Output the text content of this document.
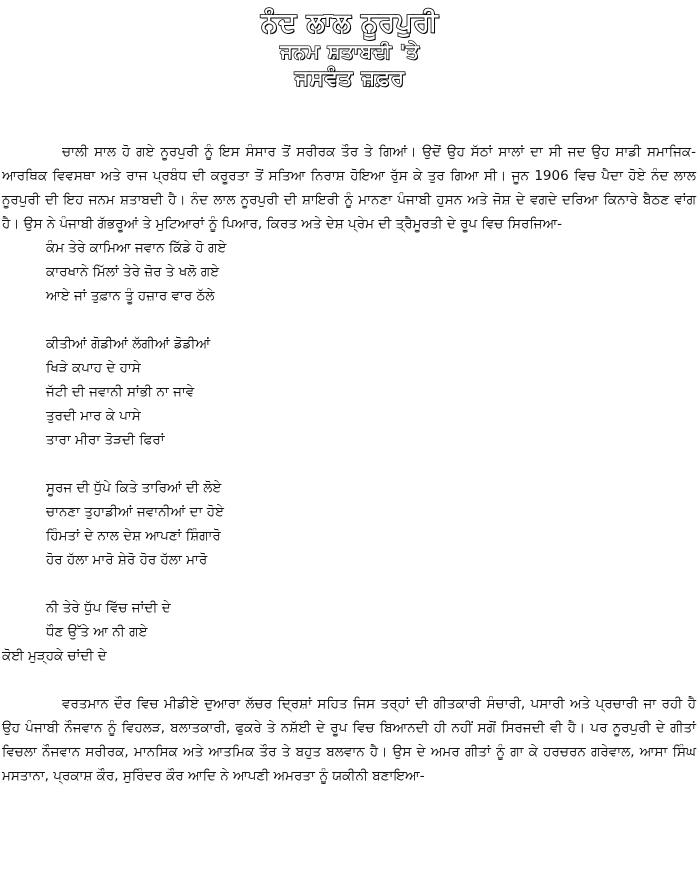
ਨੰਦ ਲਾਲ ਨੂਰਪੁਰੀ
ਜਨਮ ਸ਼ਤਾਬਦੀ 'ਤੇ
ਜਸਵੰਤ ਜ਼ਫ਼ਰ

ਚਾਲੀ ਸਾਲ ਹੋ ਗਏ ਨੂਰਪੁਰੀ ਨੂੰ ਇਸ ਸੰਸਾਰ ਤੋਂ ਸਰੀਰਕ ਤੌਰ ਤੇ ਗਿਆਂ। ਉਦੋਂ ਉਹ ਸੱਠਾਂ ਸਾਲਾਂ ਦਾ ਸੀ ਜਦ ਉਹ ਸਾਡੀ ਸਮਾਜਿਕ-ਆਰਥਿਕ ਵਿਵਸਥਾ ਅਤੇ ਰਾਜ ਪ੍ਰਬੰਧ ਦੀ ਕਰੂਰਤਾ ਤੋਂ ਸਤਿਆ ਨਿਰਾਸ਼ ਹੋਇਆ ਰੁੱਸ ਕੇ ਤੁਰ ਗਿਆ ਸੀ। ਜੂਨ 1906 ਵਿਚ ਪੈਦਾ ਹੋਏ ਨੰਦ ਲਾਲ ਨੂਰਪੁਰੀ ਦੀ ਇਹ ਜਨਮ ਸ਼ਤਾਬਦੀ ਹੈ। ਨੰਦ ਲਾਲ ਨੂਰਪੁਰੀ ਦੀ ਸ਼ਾਇਰੀ ਨੂੰ ਮਾਨਣਾ ਪੰਜਾਬੀ ਹੁਸਨ ਅਤੇ ਜੋਸ਼ ਦੇ ਵਗਦੇ ਦਰਿਆ ਕਿਨਾਰੇ ਬੈਠਣ ਵਾਂਗ ਹੈ। ਉਸ ਨੇ ਪੰਜਾਬੀ ਗੱਭਰੂਆਂ ਤੇ ਮੁਟਿਆਰਾਂ ਨੂੰ ਪਿਆਰ, ਕਿਰਤ ਅਤੇ ਦੇਸ਼ ਪ੍ਰੇਮ ਦੀ ਤ੍ਰੈਮੂਰਤੀ ਦੇ ਰੂਪ ਵਿਚ ਸਿਰਜਿਆ-

ਕੰਮ ਤੇਰੇ ਕਾਮਿਆ ਜਵਾਨ ਕਿੱਡੇ ਹੋ ਗਏ
ਕਾਰਖਾਨੇ ਮਿੱਲਾਂ ਤੇਰੇ ਜ਼ੋਰ ਤੇ ਖਲੋ ਗਏ
ਆਏ ਜਾਂ ਤੁਫ਼ਾਨ ਤੂੰ ਹਜ਼ਾਰ ਵਾਰ ਠੱਲੇ
ਕੀਤੀਆਂ ਗੋਡੀਆਂ ਲੱਗੀਆਂ ਡੋਡੀਆਂ
ਖਿੜੇ ਕਪਾਹ ਦੇ ਹਾਸੇ
ਜੱਟੀ ਦੀ ਜਵਾਨੀ ਸਾਂਭੀ ਨਾ ਜਾਵੇ
ਤੁਰਦੀ ਮਾਰ ਕੇ ਪਾਸੇ
ਤਾਰਾ ਮੀਰਾ ਤੋੜਦੀ ਫਿਰਾਂ
ਸੂਰਜ ਦੀ ਧੁੱਪੇ ਕਿਤੇ ਤਾਰਿਆਂ ਦੀ ਲੋਏ
ਚਾਨਣਾ ਤੁਹਾਡੀਆਂ ਜਵਾਨੀਆਂ ਦਾ ਹੋਏ
ਹਿੰਮਤਾਂ ਦੇ ਨਾਲ ਦੇਸ਼ ਆਪਣਾਂ ਸ਼ਿੰਗਾਰੋ
ਹੋਰ ਹੱਲਾ ਮਾਰੋ ਸ਼ੇਰੋ ਹੋਰ ਹੱਲਾ ਮਾਰੋ
ਨੀ ਤੇਰੇ ਧੁੱਪ ਵਿੱਚ ਜਾਂਦੀ ਦੇ
ਧੌਣ ਉੱਤੇ ਆ ਨੀ ਗਏ
ਕੋਈ ਮੁੜ੍ਹਕੇ ਚਾਂਦੀ ਦੇ

ਵਰਤਮਾਨ ਦੌਰ ਵਿਚ ਮੀਡੀਏ ਦੁਆਰਾ ਲੱਚਰ ਦ੍ਰਿਸ਼ਾਂ ਸਹਿਤ ਜਿਸ ਤਰ੍ਹਾਂ ਦੀ ਗੀਤਕਾਰੀ ਸੰਚਾਰੀ, ਪਸਾਰੀ ਅਤੇ ਪ੍ਰਚਾਰੀ ਜਾ ਰਹੀ ਹੈ ਉਹ ਪੰਜਾਬੀ ਨੌਜਵਾਨ ਨੂੰ ਵਿਹਲੜ, ਬਲਾਤਕਾਰੀ, ਫੁਕਰੇ ਤੇ ਨਸ਼ੱਈ ਦੇ ਰੂਪ ਵਿਚ ਬਿਆਨਦੀ ਹੀ ਨਹੀਂ ਸਗੋਂ ਸਿਰਜਦੀ ਵੀ ਹੈ। ਪਰ ਨੂਰਪੁਰੀ ਦੇ ਗੀਤਾਂ ਵਿਚਲਾ ਨੌਜਵਾਨ ਸਰੀਰਕ, ਮਾਨਸਿਕ ਅਤੇ ਆਤਮਿਕ ਤੌਰ ਤੇ ਬਹੁਤ ਬਲਵਾਨ ਹੈ। ਉਸ ਦੇ ਅਮਰ ਗੀਤਾਂ ਨੂੰ ਗਾ ਕੇ ਹਰਚਰਨ ਗਰੇਵਾਲ, ਆਸਾ ਸਿੰਘ ਮਸਤਾਨਾ, ਪ੍ਰਕਾਸ਼ ਕੌਰ, ਸੁਰਿੰਦਰ ਕੌਰ ਆਦਿ ਨੇ ਆਪਣੀ ਅਮਰਤਾ ਨੂੰ ਯਕੀਨੀ ਬਣਾਇਆ-
